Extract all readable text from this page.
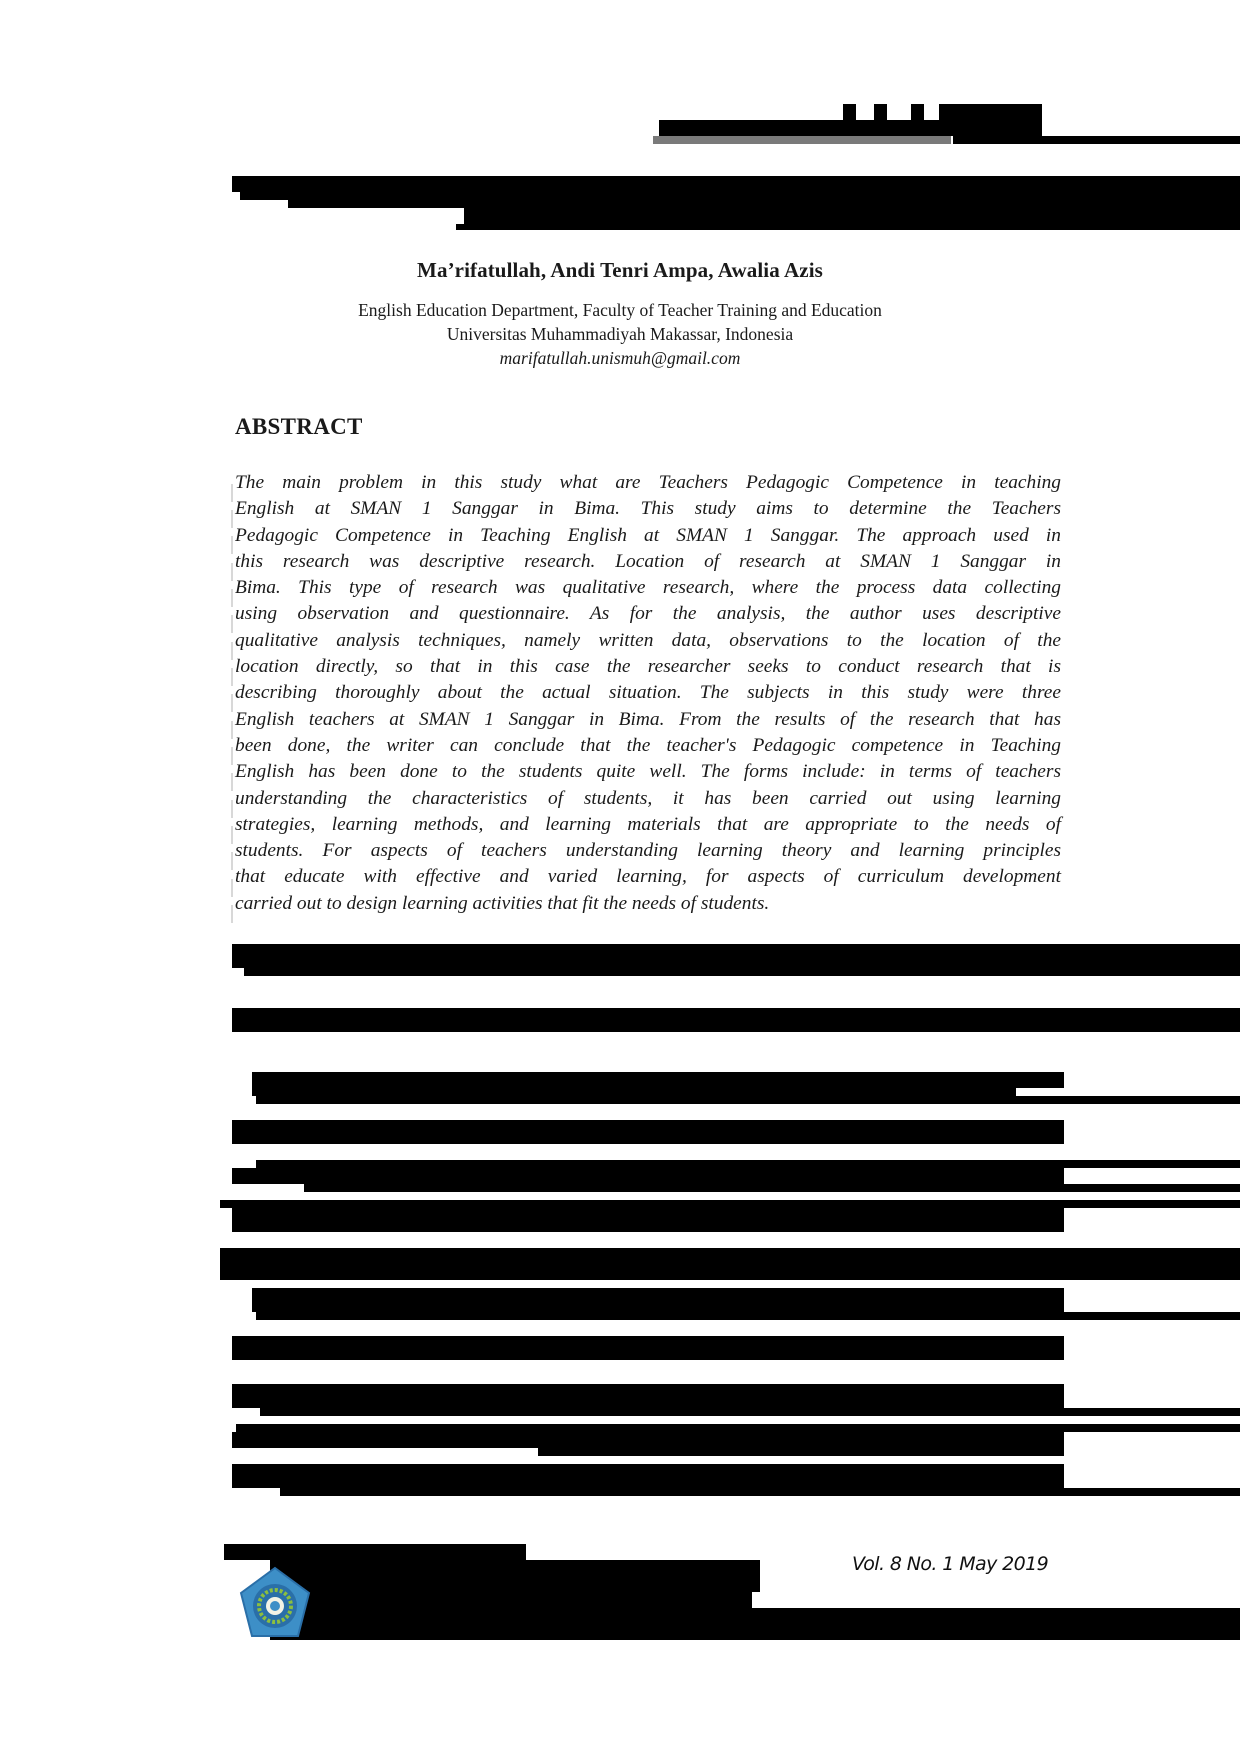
Ma’rifatullah, Andi Tenri Ampa, Awalia Azis
English Education Department, Faculty of Teacher Training and Education
Universitas Muhammadiyah Makassar, Indonesia
marifatullah.unismuh@gmail.com
ABSTRACT
The main problem in this study what are Teachers Pedagogic Competence in teaching
English at SMAN 1 Sanggar in Bima. This study aims to determine the Teachers
Pedagogic Competence in Teaching English at SMAN 1 Sanggar. The approach used in
this research was descriptive research. Location of research at SMAN 1 Sanggar in
Bima. This type of research was qualitative research, where the process data collecting
using observation and questionnaire. As for the analysis, the author uses descriptive
qualitative analysis techniques, namely written data, observations to the location of the
location directly, so that in this case the researcher seeks to conduct research that is
describing thoroughly about the actual situation. The subjects in this study were three
English teachers at SMAN 1 Sanggar in Bima. From the results of the research that has
been done, the writer can conclude that the teacher's Pedagogic competence in Teaching
English has been done to the students quite well. The forms include: in terms of teachers
understanding the characteristics of students, it has been carried out using learning
strategies, learning methods, and learning materials that are appropriate to the needs of
students. For aspects of teachers understanding learning theory and learning principles
that educate with effective and varied learning, for aspects of curriculum development
carried out to design learning activities that fit the needs of students.
Vol. 8 No. 1 May 2019
